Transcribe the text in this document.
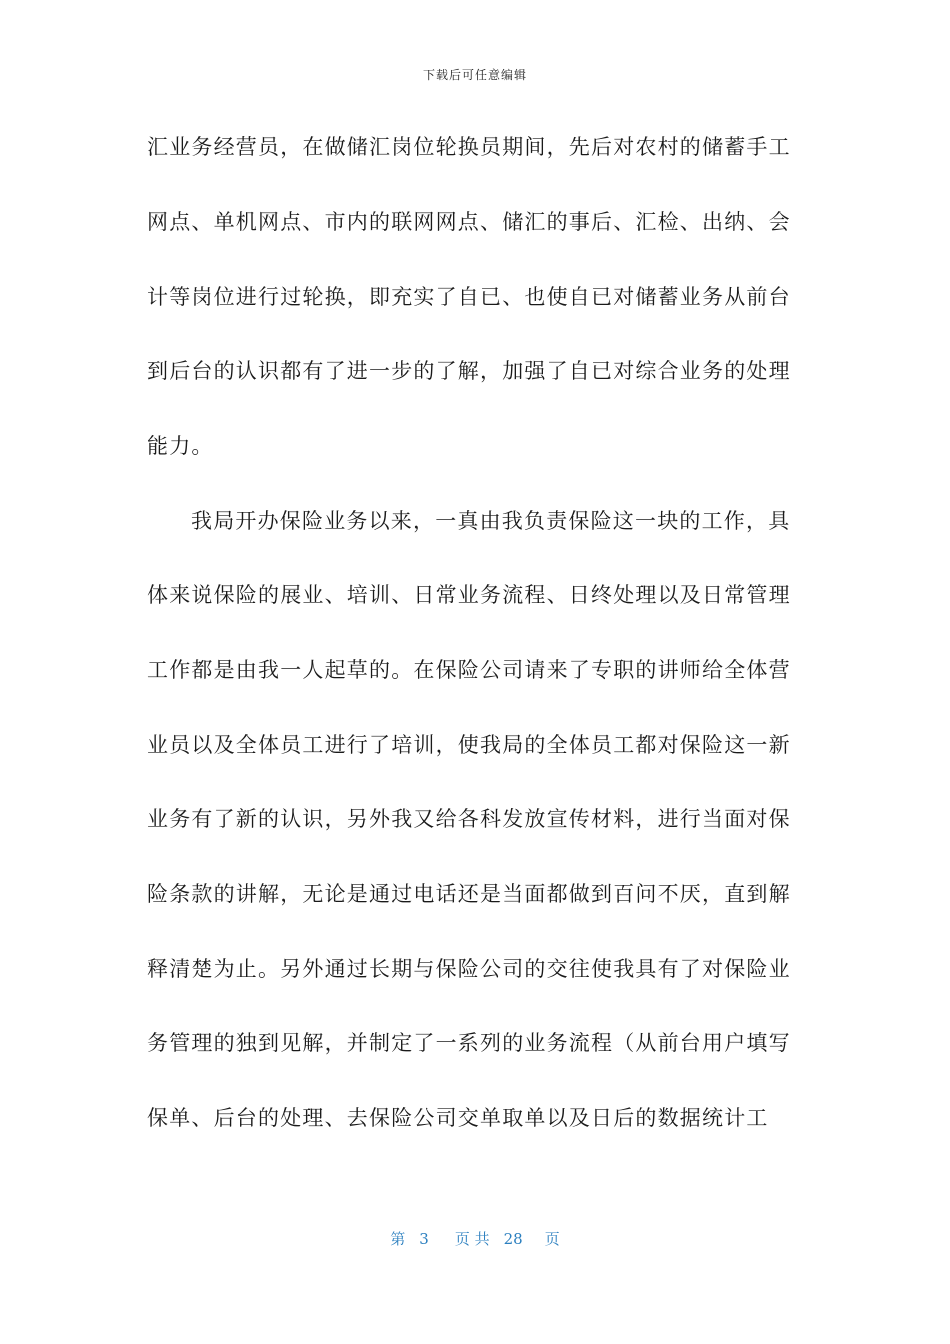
下载后可任意编辑
汇业务经营员，在做储汇岗位轮换员期间，先后对农村的储蓄手工
网点、单机网点、市内的联网网点、储汇的事后、汇检、出纳、会
计等岗位进行过轮换，即充实了自已、也使自已对储蓄业务从前台
到后台的认识都有了进一步的了解，加强了自已对综合业务的处理
能力。
我局开办保险业务以来，一真由我负责保险这一块的工作，具
体来说保险的展业、培训、日常业务流程、日终处理以及日常管理
工作都是由我一人起草的。在保险公司请来了专职的讲师给全体营
业员以及全体员工进行了培训，使我局的全体员工都对保险这一新
业务有了新的认识，另外我又给各科发放宣传材料，进行当面对保
险条款的讲解，无论是通过电话还是当面都做到百问不厌，直到解
释清楚为止。另外通过长期与保险公司的交往使我具有了对保险业
务管理的独到见解，并制定了一系列的业务流程（从前台用户填写
保单、后台的处理、去保险公司交单取单以及日后的数据统计工
第 3 页 共 28 页
